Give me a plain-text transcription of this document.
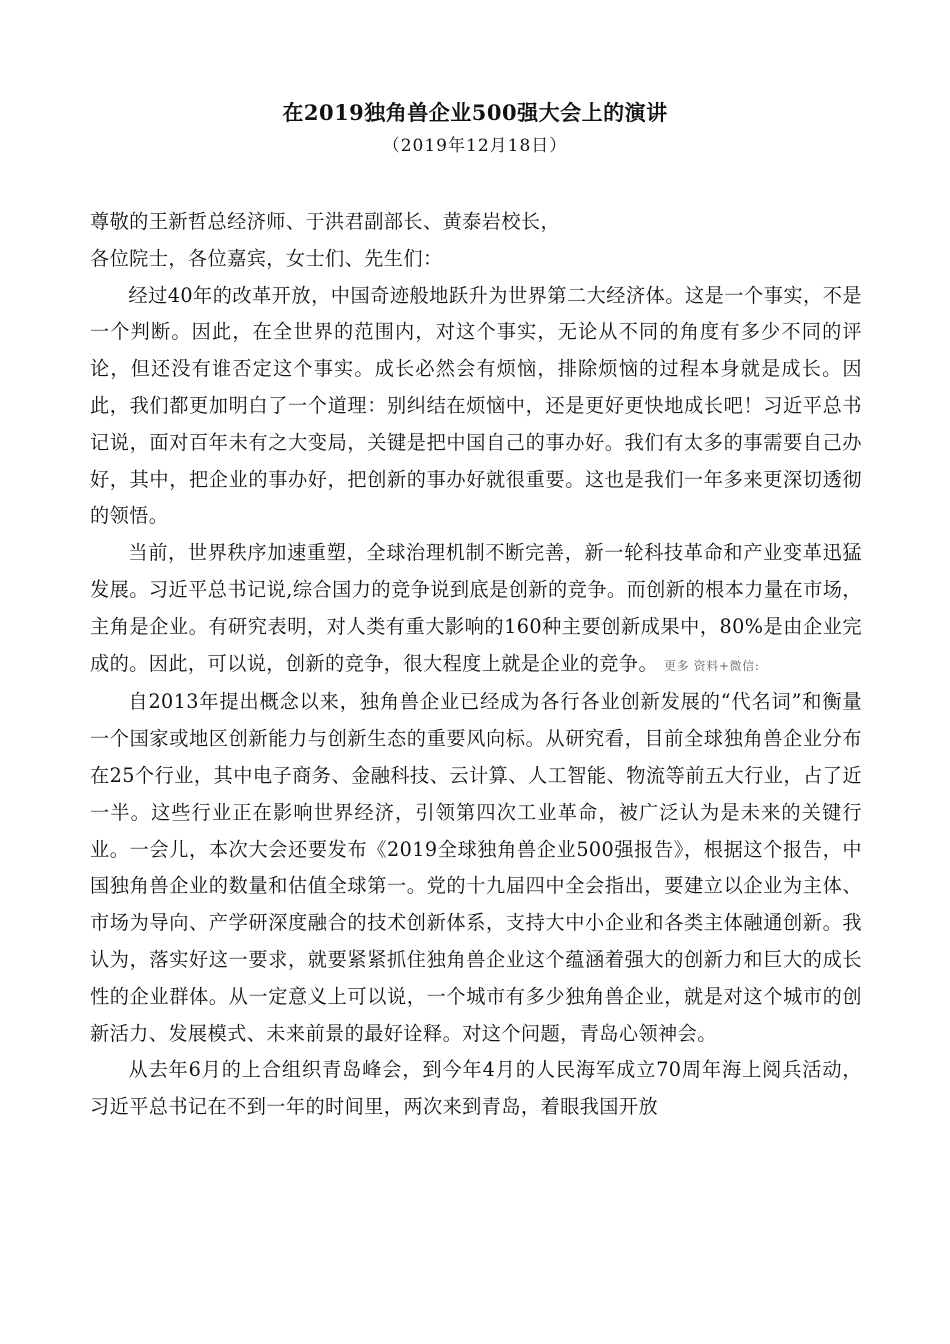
在2019独角兽企业500强大会上的演讲
（2019年12月18日）

尊敬的王新哲总经济师、于洪君副部长、黄泰岩校长，

各位院士，各位嘉宾，女士们、先生们：

经过40年的改革开放，中国奇迹般地跃升为世界第二大经济体。这是一个事实，不是一个判断。因此，在全世界的范围内，对这个事实，无论从不同的角度有多少不同的评论，但还没有谁否定这个事实。成长必然会有烦恼，排除烦恼的过程本身就是成长。因此，我们都更加明白了一个道理：别纠结在烦恼中，还是更好更快地成长吧！习近平总书记说，面对百年未有之大变局，关键是把中国自己的事办好。我们有太多的事需要自己办好，其中，把企业的事办好，把创新的事办好就很重要。这也是我们一年多来更深切透彻的领悟。

当前，世界秩序加速重塑，全球治理机制不断完善，新一轮科技革命和产业变革迅猛发展。习近平总书记说,综合国力的竞争说到底是创新的竞争。而创新的根本力量在市场，主角是企业。有研究表明，对人类有重大影响的160种主要创新成果中，80%是由企业完成的。因此，可以说，创新的竞争，很大程度上就是企业的竞争。 更多 资料+微信:

自2013年提出概念以来，独角兽企业已经成为各行各业创新发展的“代名词”和衡量一个国家或地区创新能力与创新生态的重要风向标。从研究看，目前全球独角兽企业分布在25个行业，其中电子商务、金融科技、云计算、人工智能、物流等前五大行业，占了近一半。这些行业正在影响世界经济，引领第四次工业革命，被广泛认为是未来的关键行业。一会儿，本次大会还要发布《2019全球独角兽企业500强报告》，根据这个报告，中国独角兽企业的数量和估值全球第一。党的十九届四中全会指出，要建立以企业为主体、市场为导向、产学研深度融合的技术创新体系，支持大中小企业和各类主体融通创新。我认为，落实好这一要求，就要紧紧抓住独角兽企业这个蕴涵着强大的创新力和巨大的成长性的企业群体。从一定意义上可以说，一个城市有多少独角兽企业，就是对这个城市的创新活力、发展模式、未来前景的最好诠释。对这个问题，青岛心领神会。

从去年6月的上合组织青岛峰会，到今年4月的人民海军成立70周年海上阅兵活动，习近平总书记在不到一年的时间里，两次来到青岛，着眼我国开放
